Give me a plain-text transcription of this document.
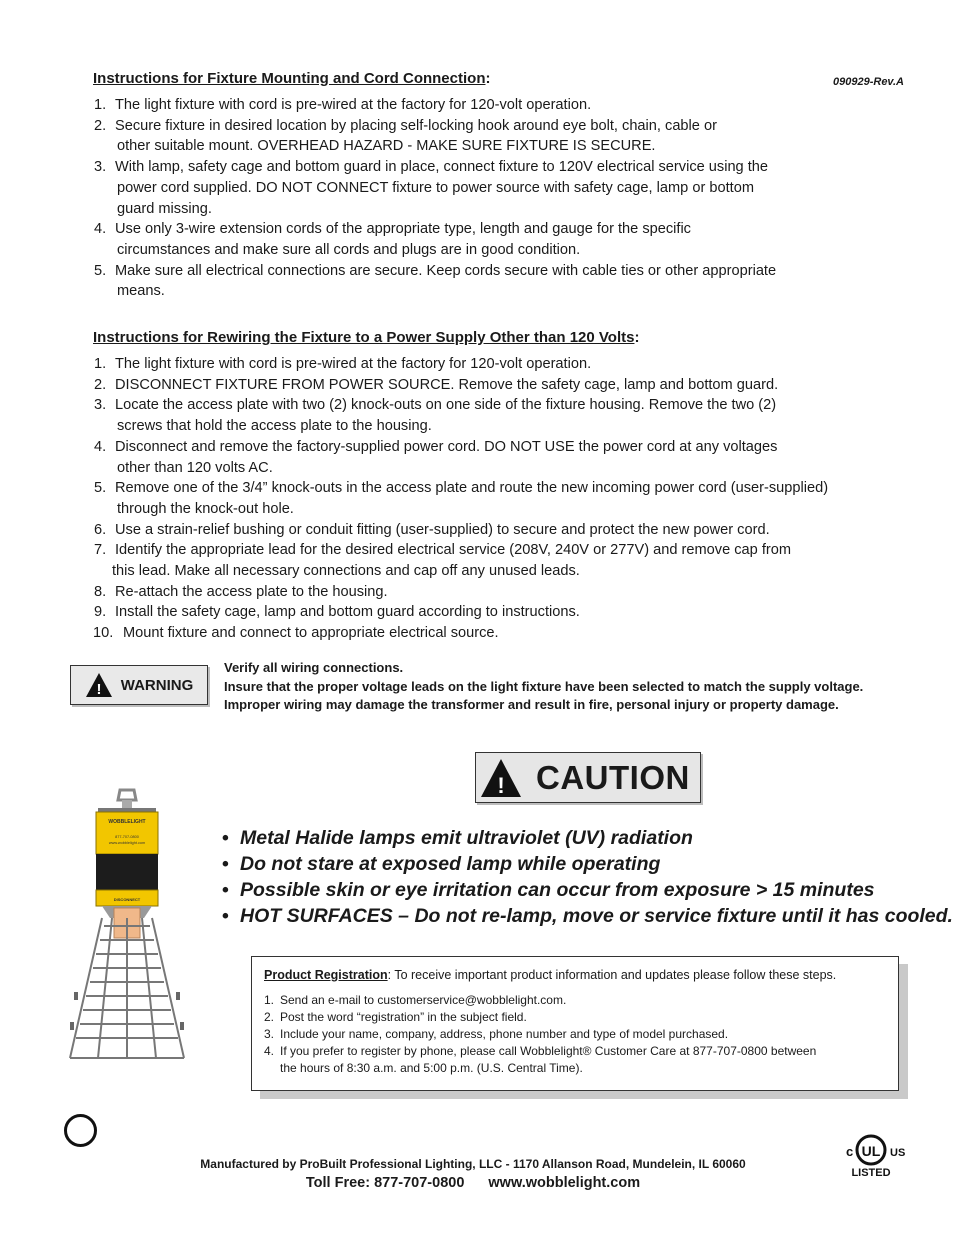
090929-Rev.A
Instructions for Fixture Mounting and Cord Connection:
1. The light fixture with cord is pre-wired at the factory for 120-volt operation.
2. Secure fixture in desired location by placing self-locking hook around eye bolt, chain, cable or
other suitable mount. OVERHEAD HAZARD - MAKE SURE FIXTURE IS SECURE.
3. With lamp, safety cage and bottom guard in place, connect fixture to 120V electrical service using the
power cord supplied. DO NOT CONNECT fixture to power source with safety cage, lamp or bottom
guard missing.
4. Use only 3-wire extension cords of the appropriate type, length and gauge for the specific
circumstances and make sure all cords and plugs are in good condition.
5. Make sure all electrical connections are secure. Keep cords secure with cable ties or other appropriate
means.
Instructions for Rewiring the Fixture to a Power Supply Other than 120 Volts:
1. The light fixture with cord is pre-wired at the factory for 120-volt operation.
2. DISCONNECT FIXTURE FROM POWER SOURCE. Remove the safety cage, lamp and bottom guard.
3. Locate the access plate with two (2) knock-outs on one side of the fixture housing. Remove the two (2)
screws that hold the access plate to the housing.
4. Disconnect and remove the factory-supplied power cord. DO NOT USE the power cord at any voltages
other than 120 volts AC.
5. Remove one of the 3/4” knock-outs in the access plate and route the new incoming power cord (user-supplied)
through the knock-out hole.
6. Use a strain-relief bushing or conduit fitting (user-supplied) to secure and protect the new power cord.
7. Identify the appropriate lead for the desired electrical service (208V, 240V or 277V) and remove cap from
this lead. Make all necessary connections and cap off any unused leads.
8. Re-attach the access plate to the housing.
9. Install the safety cage, lamp and bottom guard according to instructions.
10. Mount fixture and connect to appropriate electrical source.
! WARNING
Verify all wiring connections.
Insure that the proper voltage leads on the light fixture have been selected to match the supply voltage.
Improper wiring may damage the transformer and result in fire, personal injury or property damage.
! CAUTION
• Metal Halide lamps emit ultraviolet (UV) radiation
• Do not stare at exposed lamp while operating
• Possible skin or eye irritation can occur from exposure > 15 minutes
• HOT SURFACES – Do not re-lamp, move or service fixture until it has cooled.
WOBBLELIGHT
877-707-0800
www.wobblelight.com
DISCONNECT
Product Registration: To receive important product information and updates please follow these steps.
1. Send an e-mail to customerservice@wobblelight.com.
2. Post the word “registration” in the subject field.
3. Include your name, company, address, phone number and type of model purchased.
4. If you prefer to register by phone, please call Wobblelight® Customer Care at 877-707-0800 between
the hours of 8:30 a.m. and 5:00 p.m. (U.S. Central Time).
c UL US
LISTED
Manufactured by ProBuilt Professional Lighting, LLC - 1170 Allanson Road, Mundelein, IL 60060
Toll Free: 877-707-0800 www.wobblelight.com
